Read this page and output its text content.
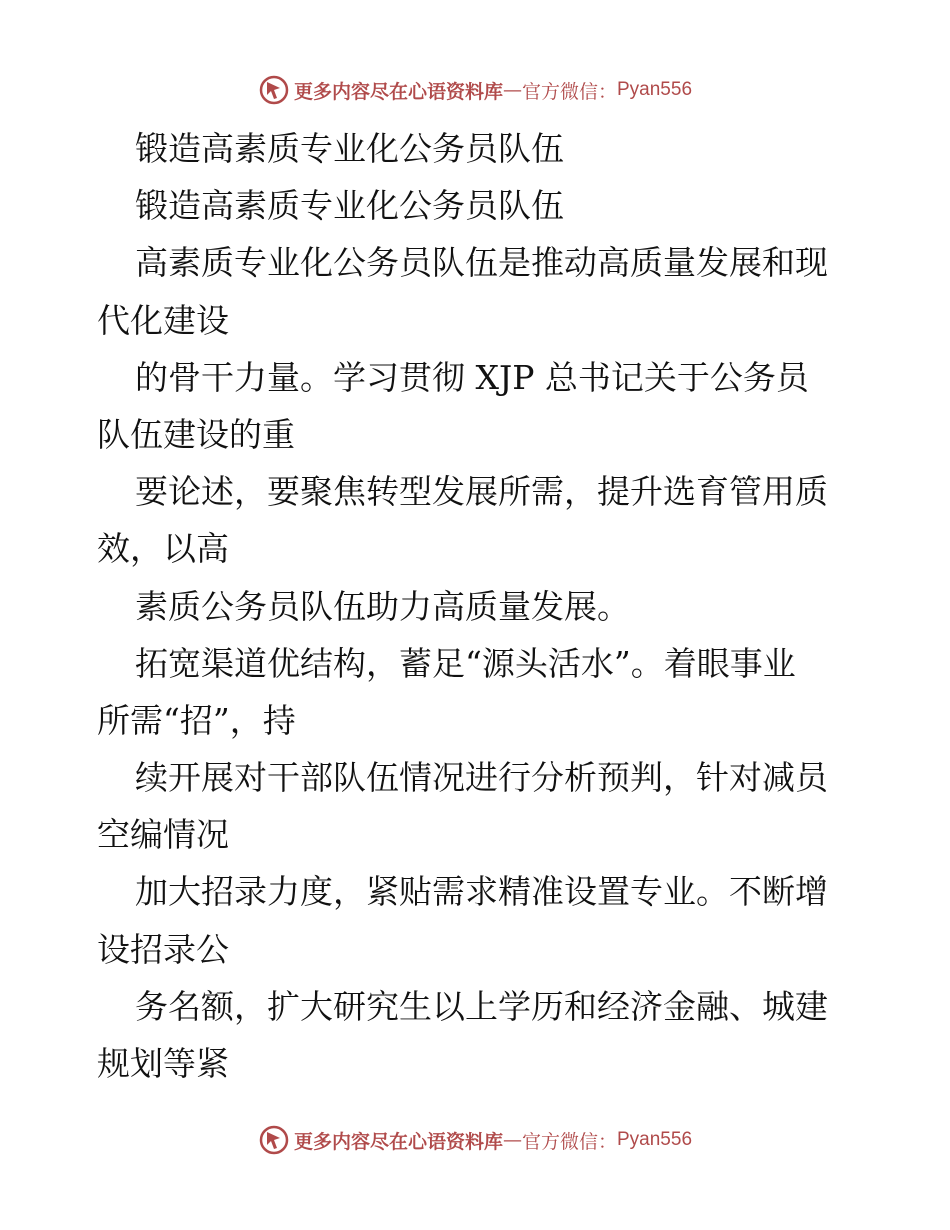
更多内容尽在心语资料库 — 官方微信： Pyan556
锻造高素质专业化公务员队伍
锻造高素质专业化公务员队伍
高素质专业化公务员队伍是推动高质量发展和现
代化建设
的骨干力量。学习贯彻 XJP 总书记关于公务员
队伍建设的重
要论述，要聚焦转型发展所需，提升选育管用质
效，以高
素质公务员队伍助力高质量发展。
拓宽渠道优结构，蓄足“源头活水”。着眼事业
所需“招”，持
续开展对干部队伍情况进行分析预判，针对减员
空编情况
加大招录力度，紧贴需求精准设置专业。不断增
设招录公
务名额，扩大研究生以上学历和经济金融、城建
规划等紧
更多内容尽在心语资料库 — 官方微信： Pyan556
